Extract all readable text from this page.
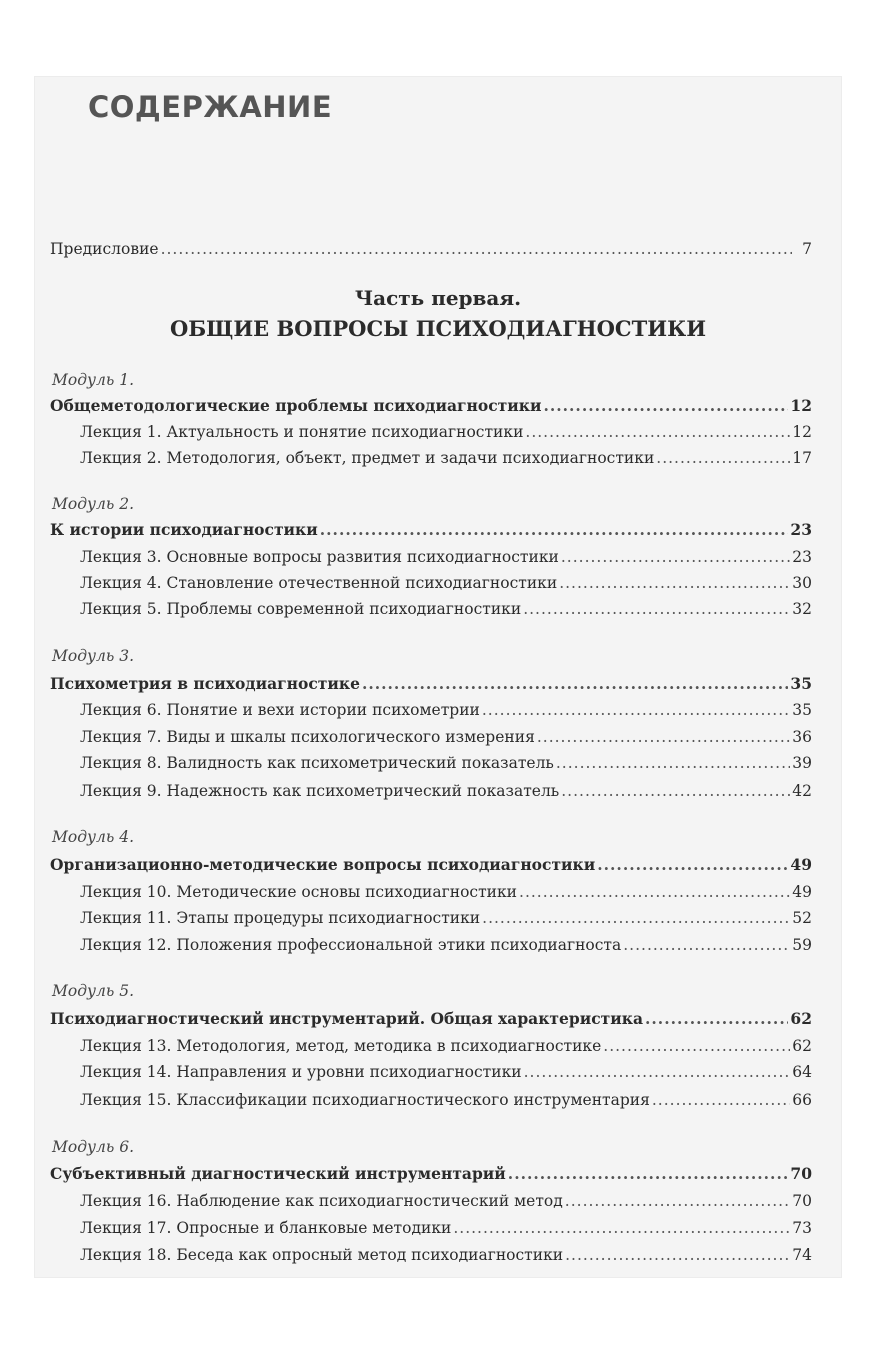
СОДЕРЖАНИЕ
Предисловие .....	7
Часть первая.
ОБЩИЕ ВОПРОСЫ ПСИХОДИАГНОСТИКИ
Модуль 1.
Общеметодологические проблемы психодиагностики .....	12
Лекция 1. Актуальность и понятие психодиагностики .....	12
Лекция 2. Методология, объект, предмет и задачи психодиагностики .....	17
Модуль 2.
К истории психодиагностики .....	23
Лекция 3. Основные вопросы развития психодиагностики .....	23
Лекция 4. Становление отечественной психодиагностики .....	30
Лекция 5. Проблемы современной психодиагностики .....	32
Модуль 3.
Психометрия в психодиагностике .....	35
Лекция 6. Понятие и вехи истории психометрии .....	35
Лекция 7. Виды и шкалы психологического измерения .....	36
Лекция 8. Валидность как психометрический показатель .....	39
Лекция 9. Надежность как психометрический показатель .....	42
Модуль 4.
Организационно-методические вопросы психодиагностики .....	49
Лекция 10. Методические основы психодиагностики .....	49
Лекция 11. Этапы процедуры психодиагностики .....	52
Лекция 12. Положения профессиональной этики психодиагноста .....	59
Модуль 5.
Психодиагностический инструментарий. Общая характеристика .....	62
Лекция 13. Методология, метод, методика в психодиагностике .....	62
Лекция 14. Направления и уровни психодиагностики .....	64
Лекция 15. Классификации психодиагностического инструментария .....	66
Модуль 6.
Субъективный диагностический инструментарий .....	70
Лекция 16. Наблюдение как психодиагностический метод .....	70
Лекция 17. Опросные и бланковые методики .....	73
Лекция 18. Беседа как опросный метод психодиагностики .....	74
